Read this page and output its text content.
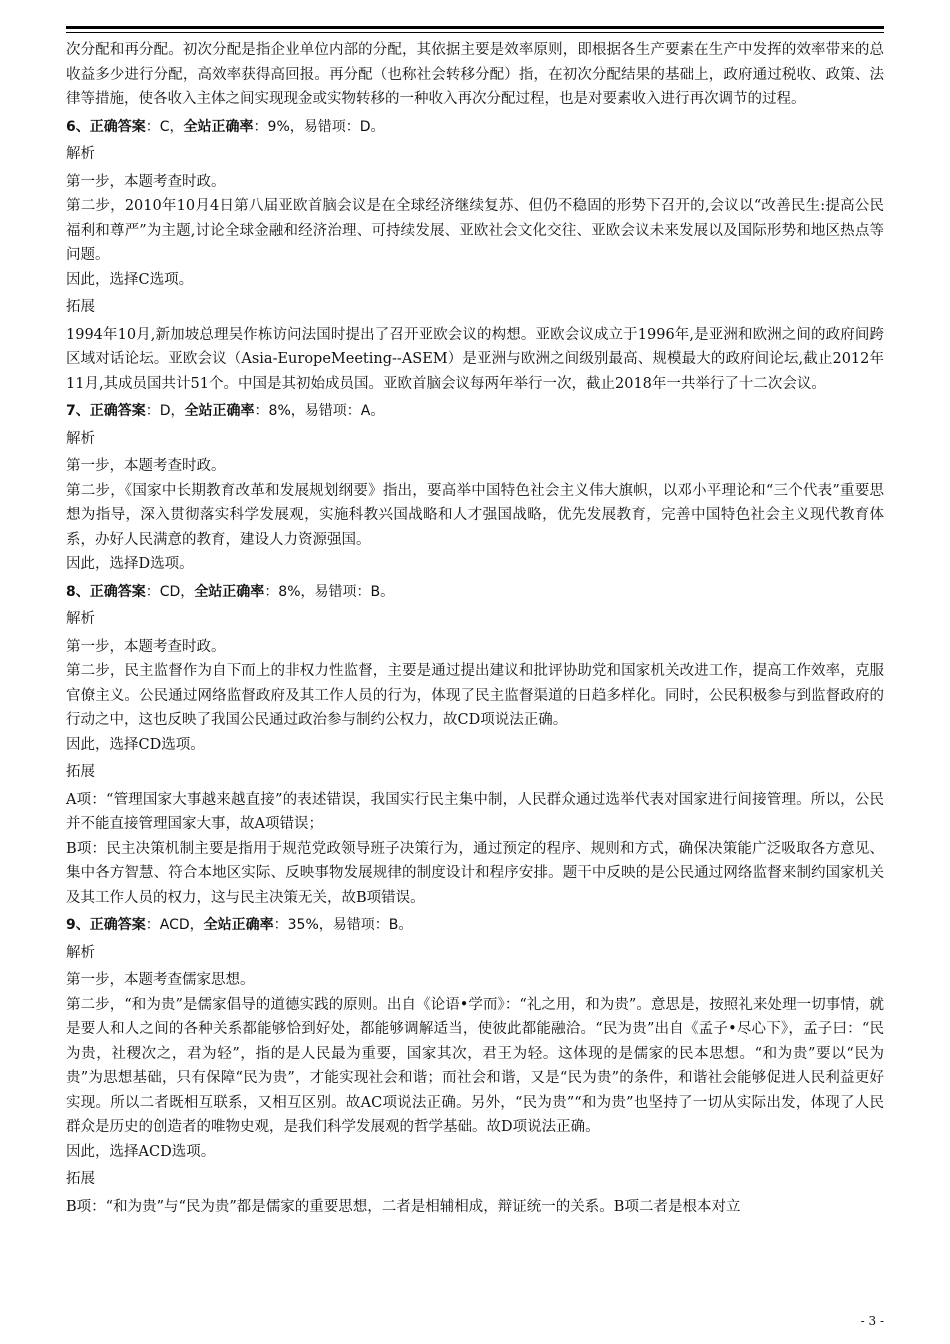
次分配和再分配。初次分配是指企业单位内部的分配，其依据主要是效率原则，即根据各生产要素在生产中发挥的效率带来的总收益多少进行分配，高效率获得高回报。再分配（也称社会转移分配）指，在初次分配结果的基础上，政府通过税收、政策、法律等措施，使各收入主体之间实现现金或实物转移的一种收入再次分配过程，也是对要素收入进行再次调节的过程。

6、正确答案：C，全站正确率：9%，易错项：D。

解析

第一步，本题考查时政。

第二步，2010年10月4日第八届亚欧首脑会议是在全球经济继续复苏、但仍不稳固的形势下召开的,会议以“改善民生:提高公民福利和尊严”为主题,讨论全球金融和经济治理、可持续发展、亚欧社会文化交往、亚欧会议未来发展以及国际形势和地区热点等问题。

因此，选择C选项。

拓展

1994年10月,新加坡总理吴作栋访问法国时提出了召开亚欧会议的构想。亚欧会议成立于1996年,是亚洲和欧洲之间的政府间跨区域对话论坛。亚欧会议（Asia-EuropeMeeting--ASEM）是亚洲与欧洲之间级别最高、规模最大的政府间论坛,截止2012年11月,其成员国共计51个。中国是其初始成员国。亚欧首脑会议每两年举行一次，截止2018年一共举行了十二次会议。

7、正确答案：D，全站正确率：8%，易错项：A。

解析

第一步，本题考查时政。

第二步，《国家中长期教育改革和发展规划纲要》指出，要高举中国特色社会主义伟大旗帜，以邓小平理论和“三个代表”重要思想为指导，深入贯彻落实科学发展观，实施科教兴国战略和人才强国战略，优先发展教育，完善中国特色社会主义现代教育体系，办好人民满意的教育，建设人力资源强国。

因此，选择D选项。

8、正确答案：CD，全站正确率：8%，易错项：B。

解析

第一步，本题考查时政。

第二步，民主监督作为自下而上的非权力性监督，主要是通过提出建议和批评协助党和国家机关改进工作，提高工作效率，克服官僚主义。公民通过网络监督政府及其工作人员的行为，体现了民主监督渠道的日趋多样化。同时，公民积极参与到监督政府的行动之中，这也反映了我国公民通过政治参与制约公权力，故CD项说法正确。

因此，选择CD选项。

拓展

A项：“管理国家大事越来越直接”的表述错误，我国实行民主集中制，人民群众通过选举代表对国家进行间接管理。所以，公民并不能直接管理国家大事，故A项错误；

B项：民主决策机制主要是指用于规范党政领导班子决策行为，通过预定的程序、规则和方式，确保决策能广泛吸取各方意见、集中各方智慧、符合本地区实际、反映事物发展规律的制度设计和程序安排。题干中反映的是公民通过网络监督来制约国家机关及其工作人员的权力，这与民主决策无关，故B项错误。

9、正确答案：ACD，全站正确率：35%，易错项：B。

解析

第一步，本题考查儒家思想。

第二步，“和为贵”是儒家倡导的道德实践的原则。出自《论语•学而》：“礼之用，和为贵”。意思是，按照礼来处理一切事情，就是要人和人之间的各种关系都能够恰到好处，都能够调解适当，使彼此都能融洽。“民为贵”出自《孟子•尽心下》，孟子曰：“民为贵，社稷次之，君为轻”，指的是人民最为重要，国家其次，君王为轻。这体现的是儒家的民本思想。“和为贵”要以“民为贵”为思想基础，只有保障“民为贵”，才能实现社会和谐；而社会和谐，又是“民为贵”的条件，和谐社会能够促进人民利益更好实现。所以二者既相互联系，又相互区别。故AC项说法正确。另外，“民为贵”“和为贵”也坚持了一切从实际出发，体现了人民群众是历史的创造者的唯物史观，是我们科学发展观的哲学基础。故D项说法正确。

因此，选择ACD选项。

拓展

B项：“和为贵”与“民为贵”都是儒家的重要思想，二者是相辅相成，辩证统一的关系。B项二者是根本对立

- 3 -
